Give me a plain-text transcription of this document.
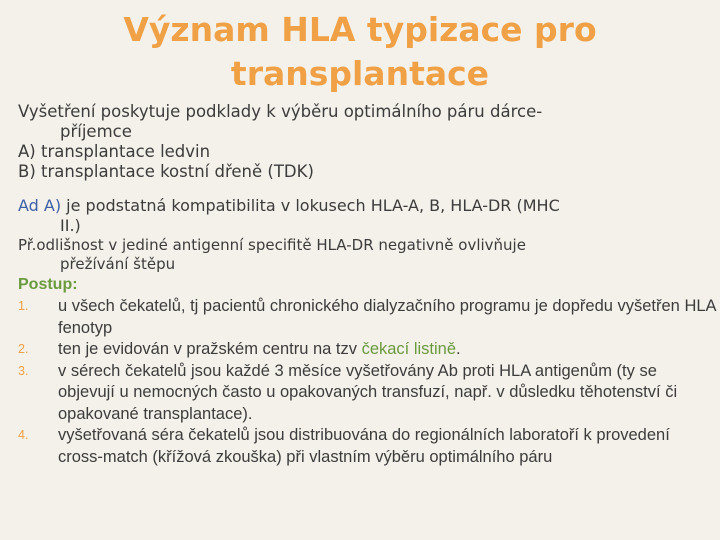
Význam HLA typizace pro transplantace
Vyšetření poskytuje podklady k výběru optimálního páru dárce-
příjemce
A) transplantace ledvin
B) transplantace kostní dřeně (TDK)
Ad A) je podstatná kompatibilita v lokusech HLA-A, B, HLA-DR (MHC
II.)
Př.odlišnost v jediné antigenní specifitě HLA-DR negativně ovlivňuje
přežívání štěpu
Postup:
1. u všech čekatelů, tj pacientů chronického dialyzačního programu je dopředu vyšetřen HLA fenotyp
2. ten je evidován v pražském centru na tzv čekací listině.
3. v sérech čekatelů jsou každé 3 měsíce vyšetřovány Ab proti HLA antigenům (ty se objevují u nemocných často u opakovaných transfuzí, např. v důsledku těhotenství či opakované transplantace).
4. vyšetřovaná séra čekatelů jsou distribuována do regionálních laboratoří k provedení cross-match (křížová zkouška) při vlastním výběru optimálního páru
